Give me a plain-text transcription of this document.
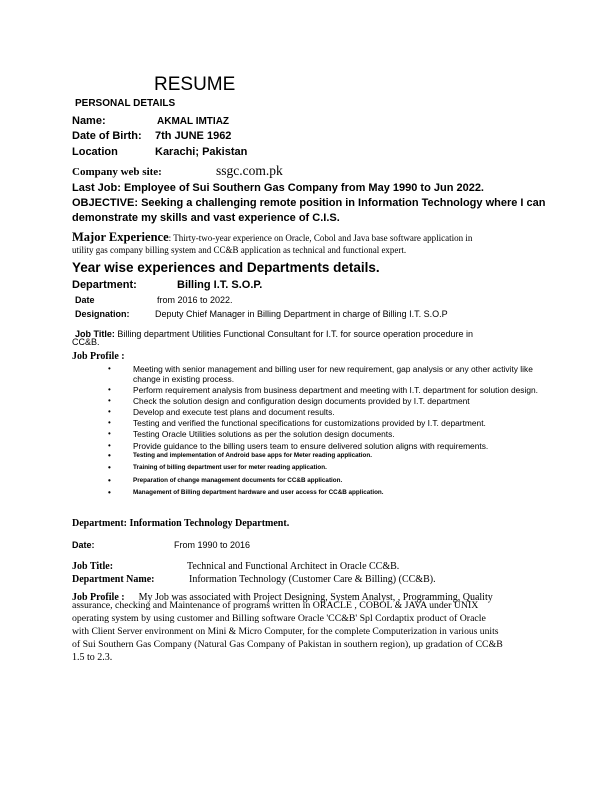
RESUME
PERSONAL DETAILS
Name:	AKMAL IMTIAZ
Date of Birth: 7th JUNE 1962
Location	Karachi; Pakistan
Company web site:	ssgc.com.pk
Last Job: Employee of Sui Southern Gas Company from May 1990 to Jun 2022.
OBJECTIVE: Seeking a challenging remote position in Information Technology where I can
demonstrate my skills and vast experience of C.I.S.
Major Experience: Thirty-two-year experience on Oracle, Cobol and Java base software application in
utility gas company billing system and CC&B application as technical and functional expert.
Year wise experiences and Departments details.
Department:	Billing I.T. S.O.P.
Date	from 2016 to 2022.
Designation:	Deputy Chief Manager in Billing Department in charge of Billing I.T. S.O.P
Job Title: Billing department Utilities Functional Consultant for I.T. for source operation procedure in
CC&B.
Job Profile :
• Meeting with senior management and billing user for new requirement, gap analysis or any other activity like change in existing process.
• Perform requirement analysis from business department and meeting with I.T. department for solution design.
• Check the solution design and configuration design documents provided by I.T. department
• Develop and execute test plans and document results.
• Testing and verified the functional specifications for customizations provided by I.T. department.
• Testing Oracle Utilities solutions as per the solution design documents.
• Provide guidance to the billing users team to ensure delivered solution aligns with requirements.
• Testing and implementation of Android base apps for Meter reading application.
• Training of billing department user for meter reading application.
• Preparation of change management documents for CC&B application.
• Management of Billing department hardware and user access for CC&B application.
Department: Information Technology Department.
Date:	From 1990 to 2016
Job Title:	Technical and Functional Architect in Oracle CC&B.
Department Name:	Information Technology (Customer Care & Billing) (CC&B).
Job Profile : My Job was associated with Project Designing, System Analyst, , Programming, Quality
assurance, checking and Maintenance of programs written in ORACLE , COBOL & JAVA under UNIX
operating system by using customer and Billing software Oracle 'CC&B' Spl Cordaptix product of Oracle
with Client Server environment on Mini & Micro Computer, for the complete Computerization in various units
of Sui Southern Gas Company (Natural Gas Company of Pakistan in southern region), up gradation of CC&B
1.5 to 2.3.
